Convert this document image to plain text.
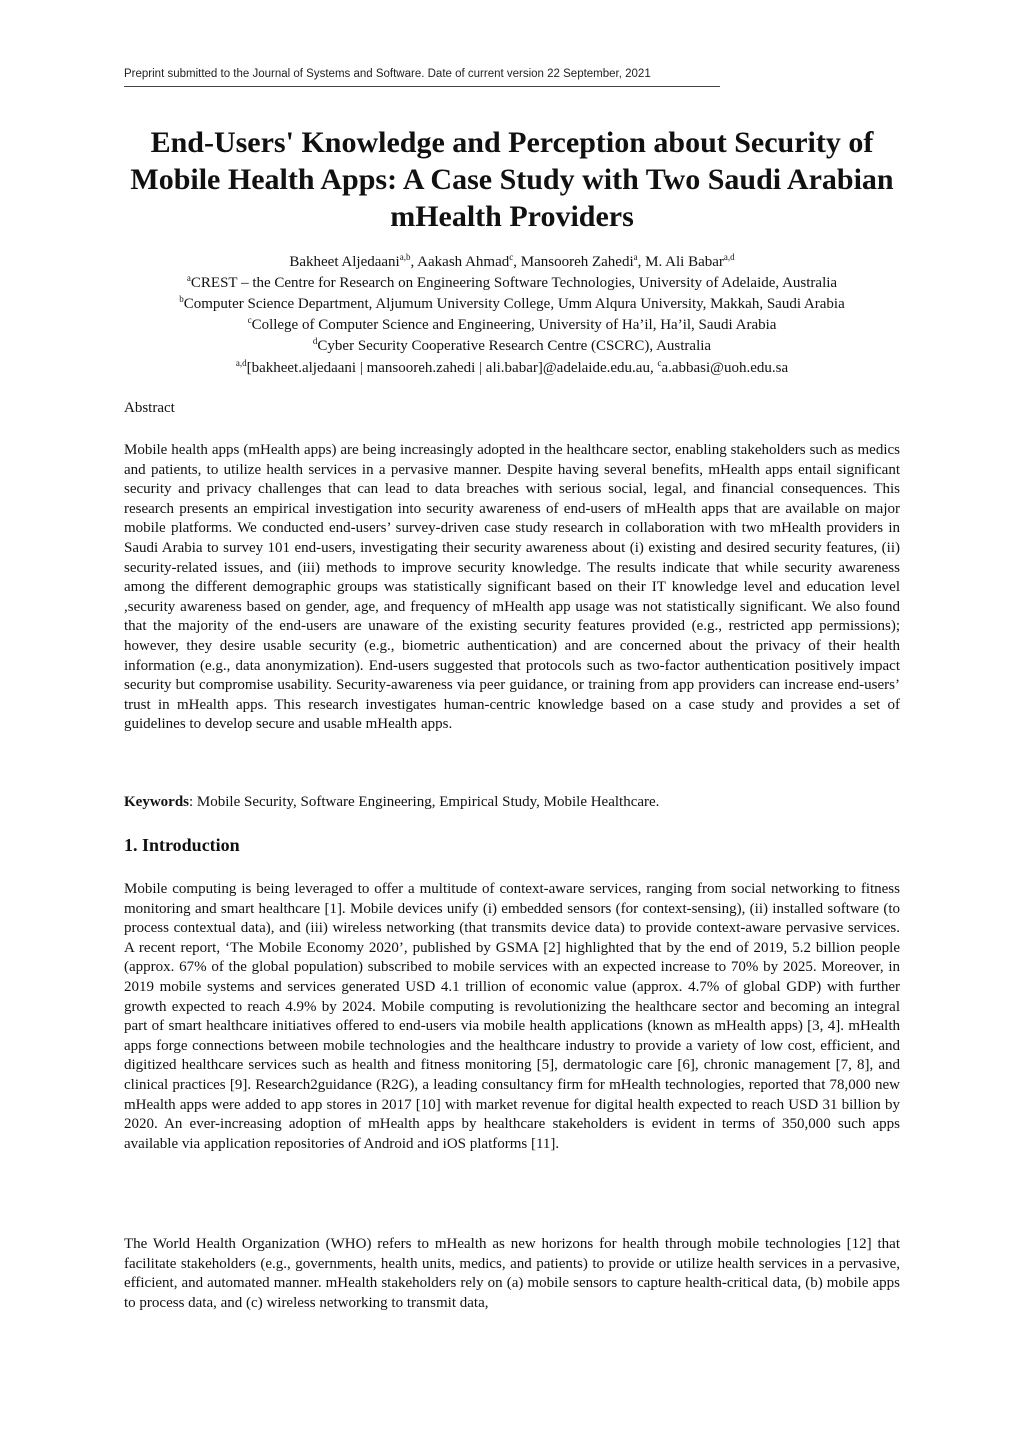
Preprint submitted to the Journal of Systems and Software. Date of current version 22 September, 2021
End-Users' Knowledge and Perception about Security of
Mobile Health Apps: A Case Study with Two Saudi Arabian
mHealth Providers
Bakheet Aljedaani$^{a,b}$, Aakash Ahmad$^c$, Mansooreh Zahedi$^a$, M. Ali Babar$^{a,d}$
$^a$CREST – the Centre for Research on Engineering Software Technologies, University of Adelaide, Australia
$^b$Computer Science Department, Aljumum University College, Umm Alqura University, Makkah, Saudi Arabia
$^c$College of Computer Science and Engineering, University of Ha’il, Ha’il, Saudi Arabia
$^d$Cyber Security Cooperative Research Centre (CSCRC), Australia
$^{a,d}$[bakheet.aljedaani | mansooreh.zahedi | ali.babar]@adelaide.edu.au, $^c$a.abbasi@uoh.edu.sa
Abstract

Mobile health apps (mHealth apps) are being increasingly adopted in the healthcare sector, enabling stakeholders such as medics and patients, to utilize health services in a pervasive manner. Despite having several benefits, mHealth apps entail significant security and privacy challenges that can lead to data breaches with serious social, legal, and financial consequences. This research presents an empirical investigation into security awareness of end-users of mHealth apps that are available on major mobile platforms. We conducted end-users’ survey-driven case study research in collaboration with two mHealth providers in Saudi Arabia to survey 101 end-users, investigating their security awareness about (i) existing and desired security features, (ii) security-related issues, and (iii) methods to improve security knowledge. The results indicate that while security awareness among the different demographic groups was statistically significant based on their IT knowledge level and education level ,security awareness based on gender, age, and frequency of mHealth app usage was not statistically significant. We also found that the majority of the end-users are unaware of the existing security features provided (e.g., restricted app permissions); however, they desire usable security (e.g., biometric authentication) and are concerned about the privacy of their health information (e.g., data anonymization). End-users suggested that protocols such as two-factor authentication positively impact security but compromise usability. Security-awareness via peer guidance, or training from app providers can increase end-users’ trust in mHealth apps. This research investigates human-centric knowledge based on a case study and provides a set of guidelines to develop secure and usable mHealth apps.

Keywords: Mobile Security, Software Engineering, Empirical Study, Mobile Healthcare.
1. Introduction

Mobile computing is being leveraged to offer a multitude of context-aware services, ranging from social networking to fitness monitoring and smart healthcare [1]. Mobile devices unify (i) embedded sensors (for context-sensing), (ii) installed software (to process contextual data), and (iii) wireless networking (that transmits device data) to provide context-aware pervasive services. A recent report, ‘The Mobile Economy 2020’, published by GSMA [2] highlighted that by the end of 2019, 5.2 billion people (approx. 67% of the global population) subscribed to mobile services with an expected increase to 70% by 2025. Moreover, in 2019 mobile systems and services generated USD 4.1 trillion of economic value (approx. 4.7% of global GDP) with further growth expected to reach 4.9% by 2024. Mobile computing is revolutionizing the healthcare sector and becoming an integral part of smart healthcare initiatives offered to end-users via mobile health applications (known as mHealth apps) [3, 4]. mHealth apps forge connections between mobile technologies and the healthcare industry to provide a variety of low cost, efficient, and digitized healthcare services such as health and fitness monitoring [5], dermatologic care [6], chronic management [7, 8], and clinical practices [9]. Research2guidance (R2G), a leading consultancy firm for mHealth technologies, reported that 78,000 new mHealth apps were added to app stores in 2017 [10] with market revenue for digital health expected to reach USD 31 billion by 2020. An ever-increasing adoption of mHealth apps by healthcare stakeholders is evident in terms of 350,000 such apps available via application repositories of Android and iOS platforms [11].

The World Health Organization (WHO) refers to mHealth as new horizons for health through mobile technologies [12] that facilitate stakeholders (e.g., governments, health units, medics, and patients) to provide or utilize health services in a pervasive, efficient, and automated manner. mHealth stakeholders rely on (a) mobile sensors to capture health-critical data, (b) mobile apps to process data, and (c) wireless networking to transmit data,
